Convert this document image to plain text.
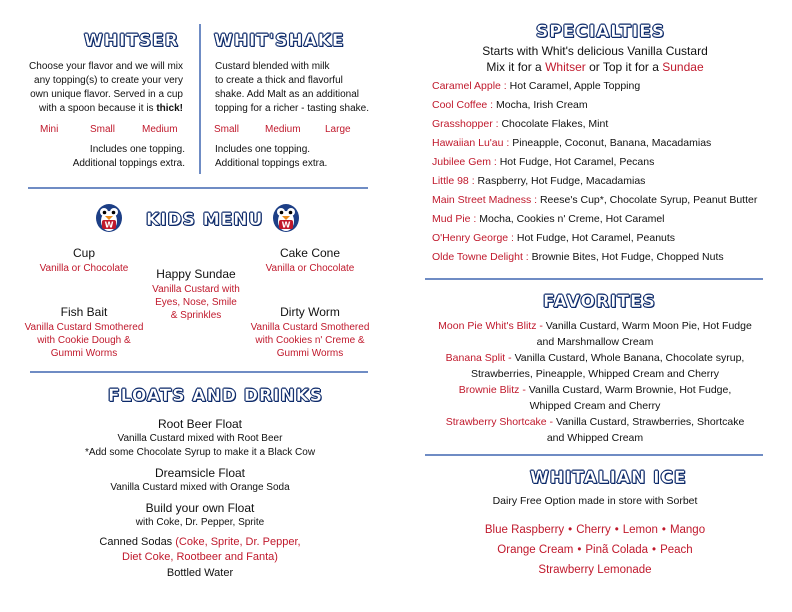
WHITSER
Choose your flavor and we will mix
any topping(s) to create your very
own unique flavor. Served in a cup
with a spoon because it is thick!
Mini	Small	Medium
Includes one topping.
Additional toppings extra.
WHIT'SHAKE
Custard blended with milk
to create a thick and flavorful
shake. Add Malt as an additional
topping for a richer - tasting shake.
Small	Medium Large
Includes one topping.
Additional toppings extra.
W KIDS MENU W
Cup
Vanilla or Chocolate	Happy Sundae
Vanilla Custard with
Eyes, Nose, Smile
& Sprinkles
Cake Cone
Vanilla or Chocolate
Fish Bait
Vanilla Custard Smothered
with Cookie Dough &
Gummi Worms
Dirty Worm
Vanilla Custard Smothered
with Cookies n' Creme &
Gummi Worms
FLOATS AND DRINKS
Root Beer Float
Vanilla Custard mixed with Root Beer
*Add some Chocolate Syrup to make it a Black Cow
Dreamsicle Float
Vanilla Custard mixed with Orange Soda
Build your own Float
with Coke, Dr. Pepper, Sprite
Canned Sodas (Coke, Sprite, Dr. Pepper,
Diet Coke, Rootbeer and Fanta)
Bottled Water
SPECIALTIES
Starts with Whit's delicious Vanilla Custard
Mix it for a Whitser or Top it for a Sundae
Caramel Apple : Hot Caramel, Apple Topping
Cool Coffee : Mocha, Irish Cream
Grasshopper : Chocolate Flakes, Mint
Hawaiian Lu'au : Pineapple, Coconut, Banana, Macadamias
Jubilee Gem : Hot Fudge, Hot Caramel, Pecans
Little 98 : Raspberry, Hot Fudge, Macadamias
Main Street Madness : Reese's Cup*, Chocolate Syrup, Peanut Butter
Mud Pie : Mocha, Cookies n' Creme, Hot Caramel
O'Henry George : Hot Fudge, Hot Caramel, Peanuts
Olde Towne Delight : Brownie Bites, Hot Fudge, Chopped Nuts
FAVORITES
Moon Pie Whit's Blitz - Vanilla Custard, Warm Moon Pie, Hot Fudge
and Marshmallow Cream
Banana Split - Vanilla Custard, Whole Banana, Chocolate syrup,
Strawberries, Pineapple, Whipped Cream and Cherry
Brownie Blitz - Vanilla Custard, Warm Brownie, Hot Fudge,
Whipped Cream and Cherry
Strawberry Shortcake - Vanilla Custard, Strawberries, Shortcake
and Whipped Cream
WHITALIAN ICE
Dairy Free Option made in store with Sorbet
Blue Raspberry • Cherry • Lemon • Mango
Orange Cream • Pinã Colada • Peach
Strawberry Lemonade
